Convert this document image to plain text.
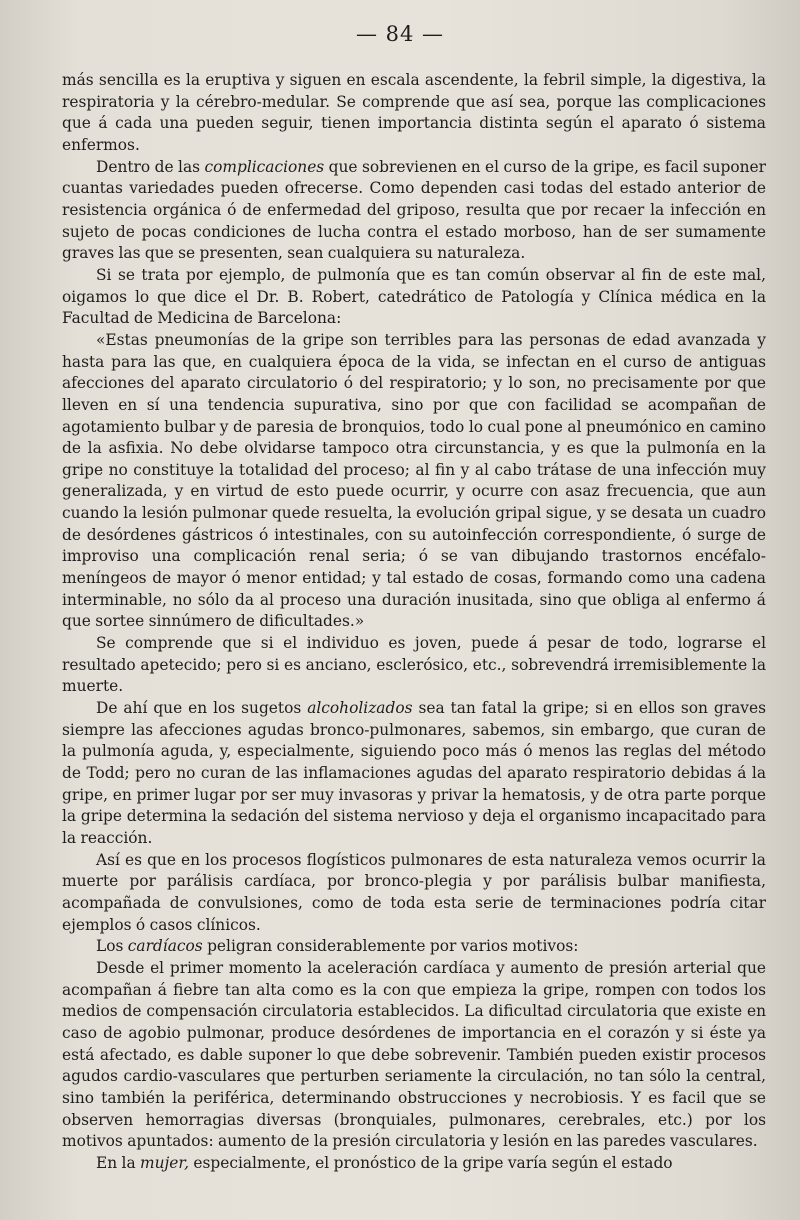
— 84 —

más sencilla es la eruptiva y siguen en escala ascendente, la febril simple, la digestiva, la respiratoria y la cérebro-medular. Se comprende que así sea, porque las complicaciones que á cada una pueden seguir, tienen importancia distinta según el aparato ó sistema enfermos.

Dentro de las complicaciones que sobrevienen en el curso de la gripe, es facil suponer cuantas variedades pueden ofrecerse. Como dependen casi todas del estado anterior de resistencia orgánica ó de enfermedad del griposo, resulta que por recaer la infección en sujeto de pocas condiciones de lucha contra el estado morboso, han de ser sumamente graves las que se presenten, sean cualquiera su naturaleza.

Si se trata por ejemplo, de pulmonía que es tan común observar al fin de este mal, oigamos lo que dice el Dr. B. Robert, catedrático de Patología y Clínica médica en la Facultad de Medicina de Barcelona:

«Estas pneumonías de la gripe son terribles para las personas de edad avanzada y hasta para las que, en cualquiera época de la vida, se infectan en el curso de antiguas afecciones del aparato circulatorio ó del respiratorio; y lo son, no precisamente por que lleven en sí una tendencia supurativa, sino por que con facilidad se acompañan de agotamiento bulbar y de paresia de bronquios, todo lo cual pone al pneumónico en camino de la asfixia. No debe olvidarse tampoco otra circunstancia, y es que la pulmonía en la gripe no constituye la totalidad del proceso; al fin y al cabo trátase de una infección muy generalizada, y en virtud de esto puede ocurrir, y ocurre con asaz frecuencia, que aun cuando la lesión pulmonar quede resuelta, la evolución gripal sigue, y se desata un cuadro de desórdenes gástricos ó intestinales, con su autoinfección correspondiente, ó surge de improviso una complicación renal seria; ó se van dibujando trastornos encéfalo-meníngeos de mayor ó menor entidad; y tal estado de cosas, formando como una cadena interminable, no sólo da al proceso una duración inusitada, sino que obliga al enfermo á que sortee sinnúmero de dificultades.»

Se comprende que si el individuo es joven, puede á pesar de todo, lograrse el resultado apetecido; pero si es anciano, esclerósico, etc., sobrevendrá irremisiblemente la muerte.

De ahí que en los sugetos alcoholizados sea tan fatal la gripe; si en ellos son graves siempre las afecciones agudas bronco-pulmonares, sabemos, sin embargo, que curan de la pulmonía aguda, y, especialmente, siguiendo poco más ó menos las reglas del método de Todd; pero no curan de las inflamaciones agudas del aparato respiratorio debidas á la gripe, en primer lugar por ser muy invasoras y privar la hematosis, y de otra parte porque la gripe determina la sedación del sistema nervioso y deja el organismo incapacitado para la reacción.

Así es que en los procesos flogísticos pulmonares de esta naturaleza vemos ocurrir la muerte por parálisis cardíaca, por bronco-plegia y por parálisis bulbar manifiesta, acompañada de convulsiones, como de toda esta serie de terminaciones podría citar ejemplos ó casos clínicos.

Los cardíacos peligran considerablemente por varios motivos:

Desde el primer momento la aceleración cardíaca y aumento de presión arterial que acompañan á fiebre tan alta como es la con que empieza la gripe, rompen con todos los medios de compensación circulatoria establecidos. La dificultad circulatoria que existe en caso de agobio pulmonar, produce desórdenes de importancia en el corazón y si éste ya está afectado, es dable suponer lo que debe sobrevenir. También pueden existir procesos agudos cardio-vasculares que perturben seriamente la circulación, no tan sólo la central, sino también la periférica, determinando obstrucciones y necrobiosis. Y es facil que se observen hemorragias diversas (bronquiales, pulmonares, cerebrales, etc.) por los motivos apuntados: aumento de la presión circulatoria y lesión en las paredes vasculares.

En la mujer, especialmente, el pronóstico de la gripe varía según el estado
